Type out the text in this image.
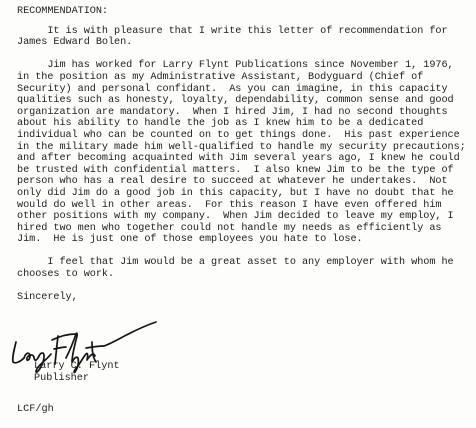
RECOMMENDATION:
It is with pleasure that I write this letter of recommendation for
James Edward Bolen.
Jim has worked for Larry Flynt Publications since November 1, 1976,
in the position as my Administrative Assistant, Bodyguard (Chief of
Security) and personal confidant.  As you can imagine, in this capacity
qualities such as honesty, loyalty, dependability, common sense and good
organization are mandatory.  When I hired Jim, I had no second thoughts
about his ability to handle the job as I knew him to be a dedicated
individual who can be counted on to get things done.  His past experience
in the military made him well-qualified to handle my security precautions;
and after becoming acquainted with Jim several years ago, I knew he could
be trusted with confidential matters.  I also knew Jim to be the type of
person who has a real desire to succeed at whatever he undertakes.  Not
only did Jim do a good job in this capacity, but I have no doubt that he
would do well in other areas.  For this reason I have even offered him
other positions with my company.  When Jim decided to leave my employ, I
hired two men who together could not handle my needs as efficiently as
Jim.  He is just one of those employees you hate to lose.
I feel that Jim would be a great asset to any employer with whom he
chooses to work.
Sincerely,
Larry C. Flynt
Publisher
LCF/gh
